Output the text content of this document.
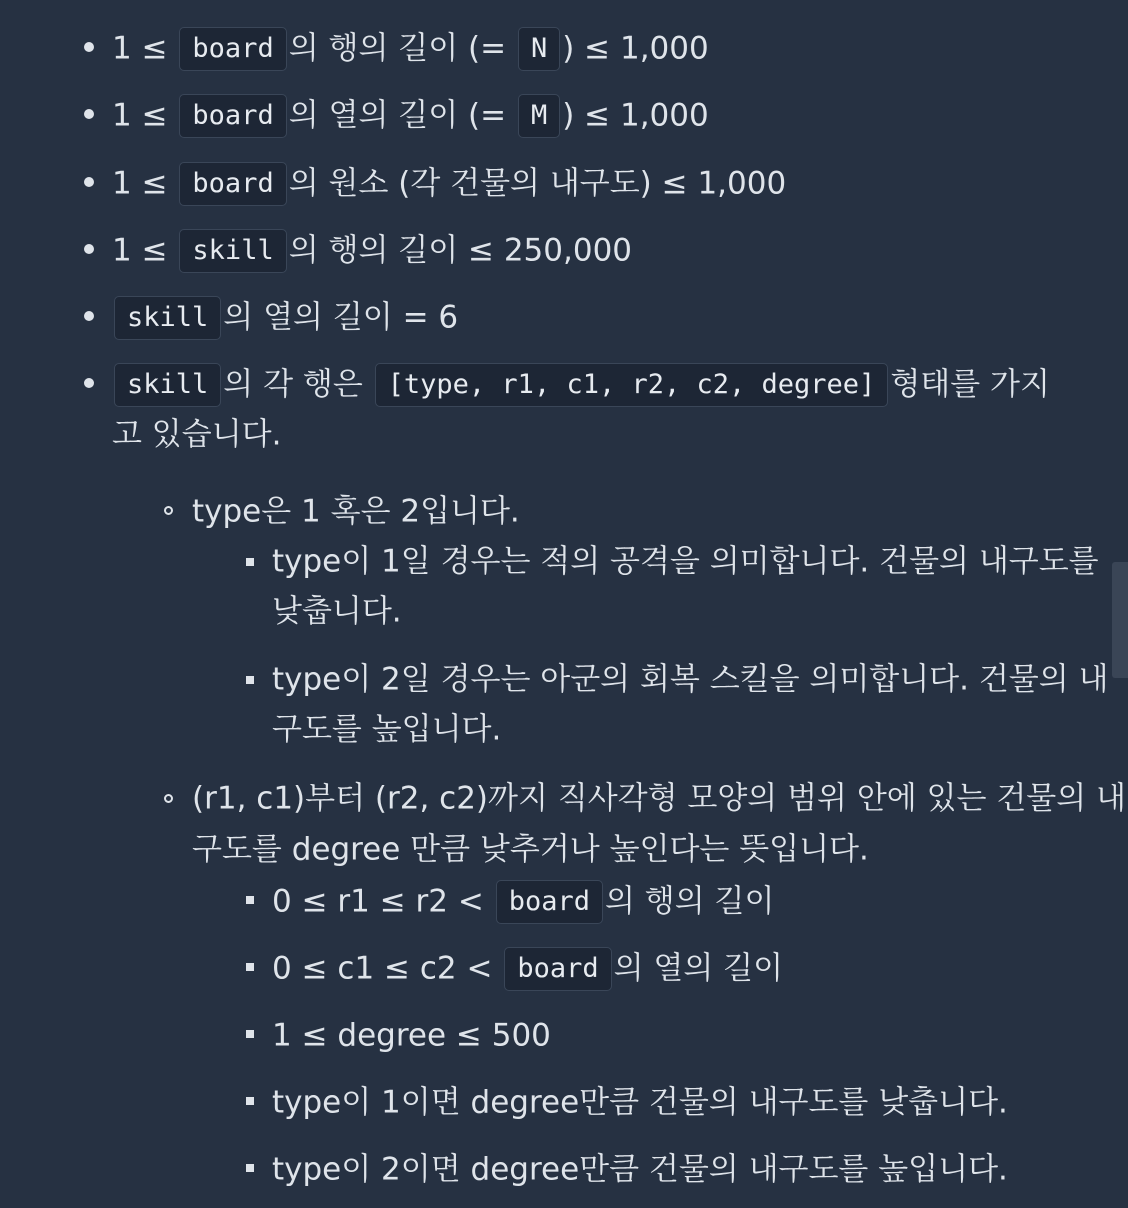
1 ≤ board 의 행의 길이 (= N ) ≤ 1,000
1 ≤ board 의 열의 길이 (= M ) ≤ 1,000
1 ≤ board 의 원소 (각 건물의 내구도) ≤ 1,000
1 ≤ skill 의 행의 길이 ≤ 250,000
skill 의 열의 길이 = 6
skill 의 각 행은 [type, r1, c1, r2, c2, degree] 형태를 가지
고 있습니다.
type은 1 혹은 2입니다.
type이 1일 경우는 적의 공격을 의미합니다. 건물의 내구도를
낮춥니다.
type이 2일 경우는 아군의 회복 스킬을 의미합니다. 건물의 내
구도를 높입니다.
(r1, c1)부터 (r2, c2)까지 직사각형 모양의 범위 안에 있는 건물의 내
구도를 degree 만큼 낮추거나 높인다는 뜻입니다.
0 ≤ r1 ≤ r2 < board 의 행의 길이
0 ≤ c1 ≤ c2 < board 의 열의 길이
1 ≤ degree ≤ 500
type이 1이면 degree만큼 건물의 내구도를 낮춥니다.
type이 2이면 degree만큼 건물의 내구도를 높입니다.
